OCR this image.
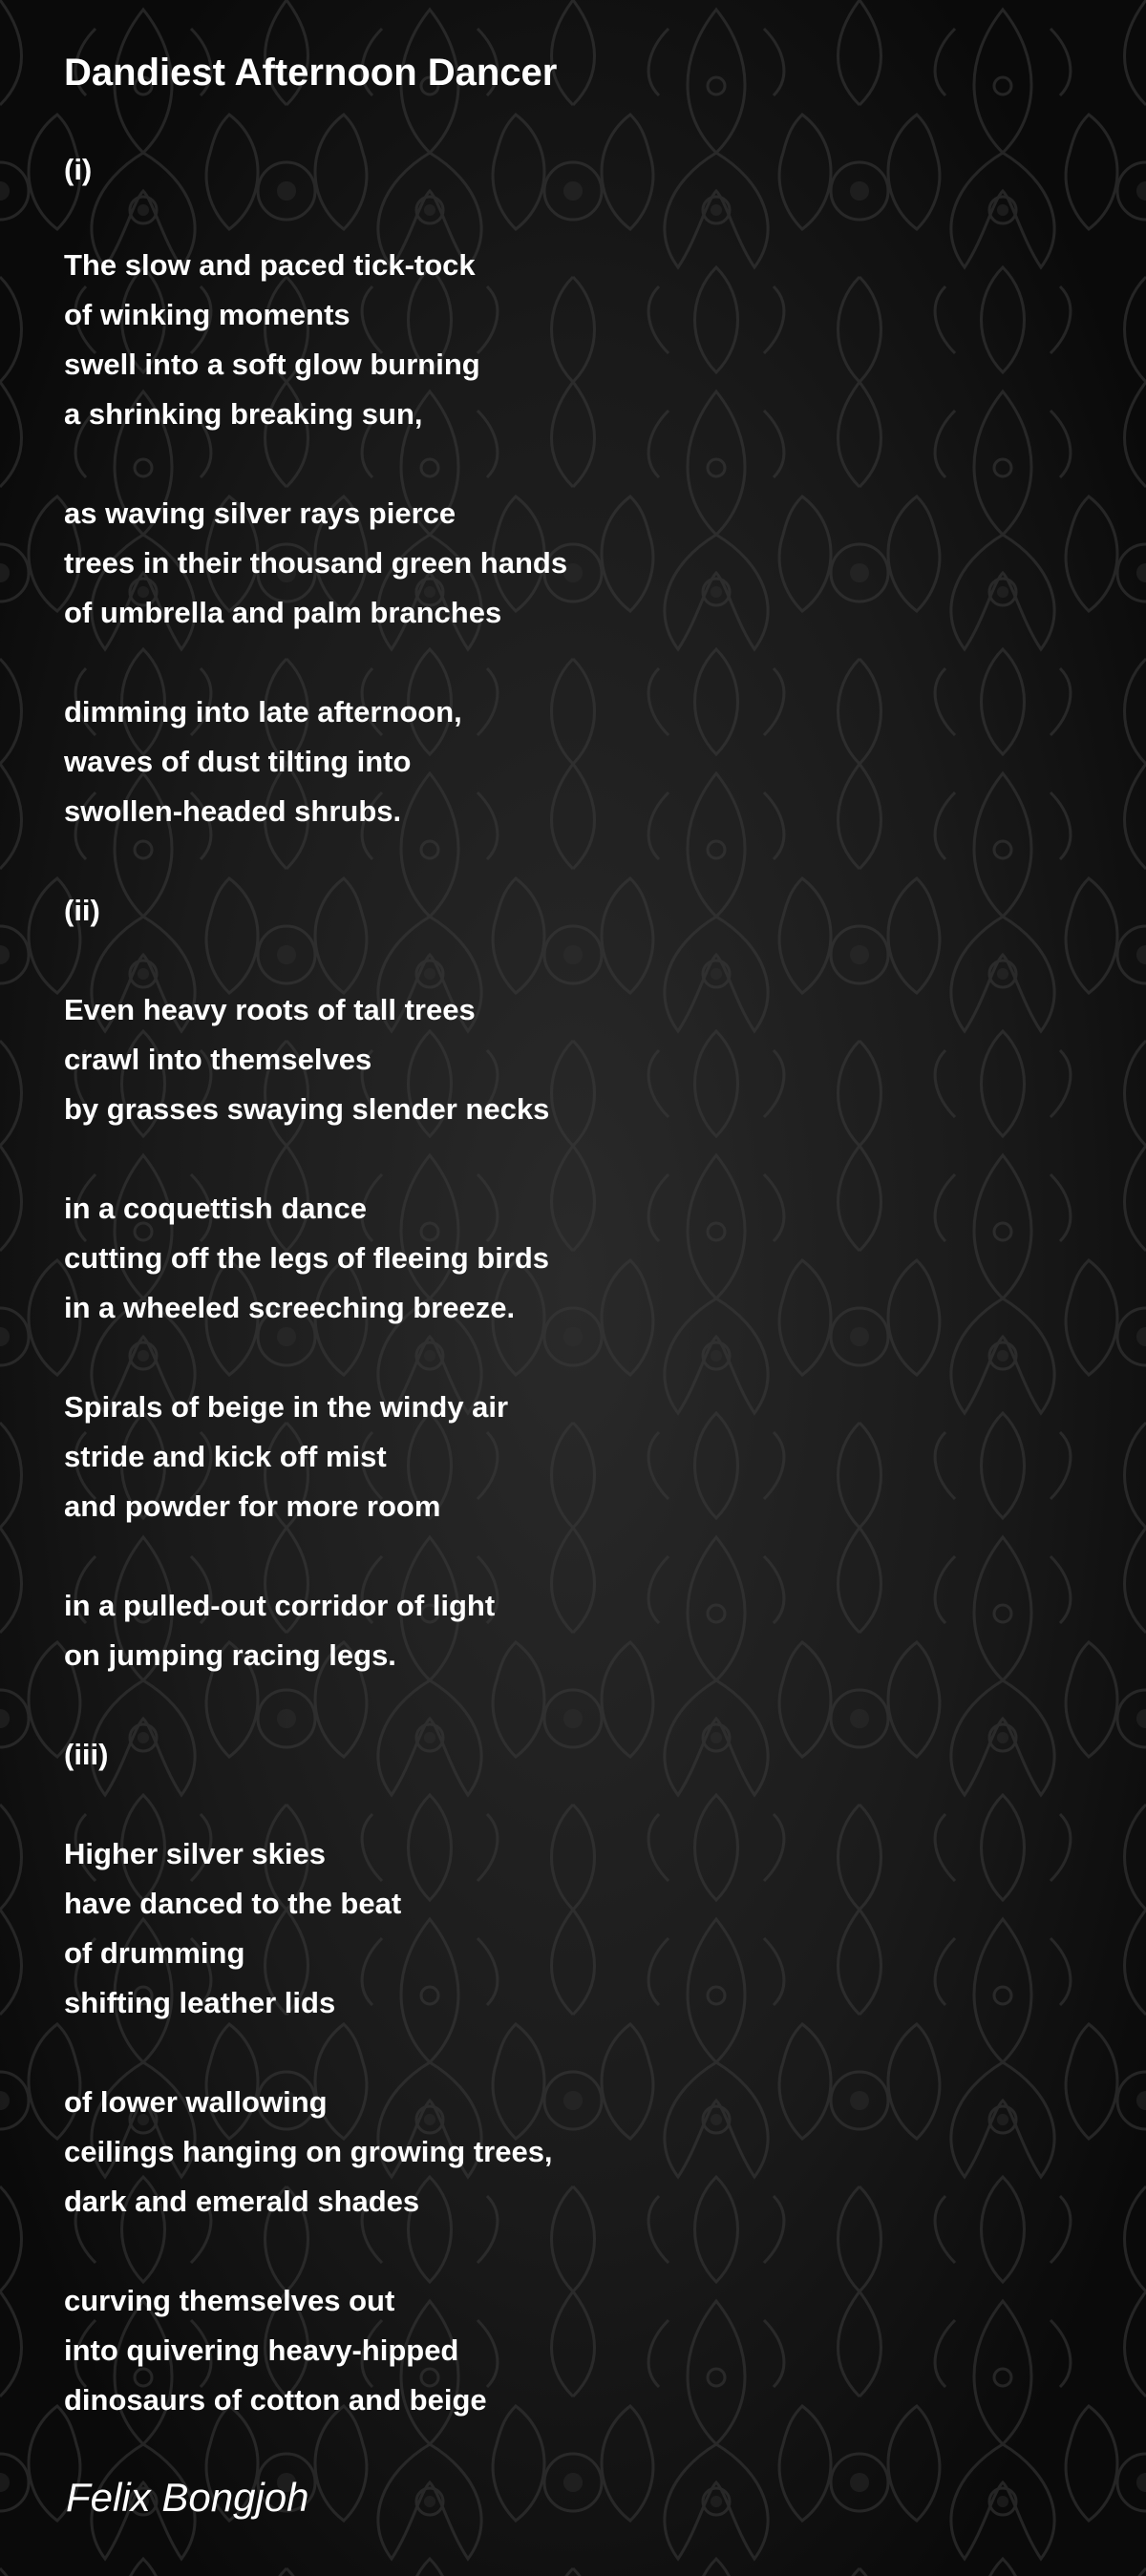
Dandiest Afternoon Dancer

(i)

The slow and paced tick-tock

of winking moments

swell into a soft glow burning

a shrinking breaking sun,

as waving silver rays pierce

trees in their thousand green hands

of umbrella and palm branches

dimming into late afternoon,

waves of dust tilting into

swollen-headed shrubs.

(ii)

Even heavy roots of tall trees

crawl into themselves

by grasses swaying slender necks

in a coquettish dance

cutting off the legs of fleeing birds

in a wheeled screeching breeze.

Spirals of beige in the windy air

stride and kick off mist

and powder for more room

in a pulled-out corridor of light

on jumping racing legs.

(iii)

Higher silver skies

have danced to the beat

of drumming

shifting leather lids

of lower wallowing

ceilings hanging on growing trees,

dark and emerald shades

curving themselves out

into quivering heavy-hipped

dinosaurs of cotton and beige

Felix Bongjoh
